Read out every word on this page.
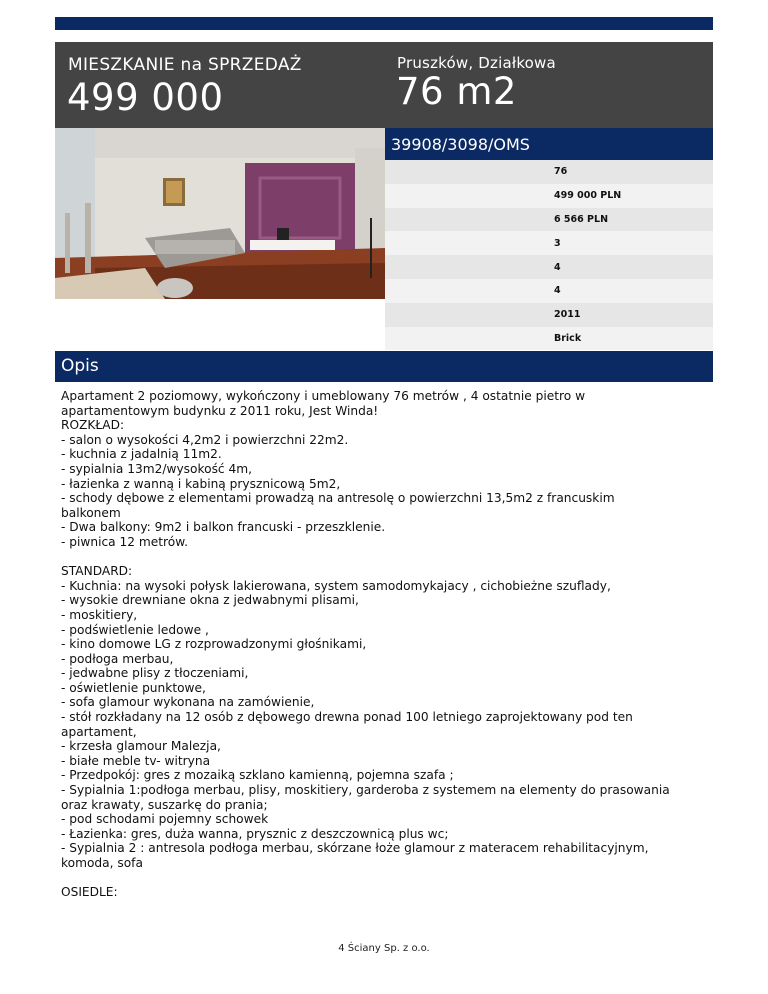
MIESZKANIE na SPRZEDAŻ
499 000
Pruszków, Działkowa
76 m2
39908/3098/OMS
76
499 000 PLN
6 566 PLN
3
4
4
2011
Brick
Opis
Apartament 2 poziomowy, wykończony i umeblowany 76 metrów , 4 ostatnie pietro w
apartamentowym budynku z 2011 roku, Jest Winda!
ROZKŁAD:
- salon o wysokości 4,2m2 i powierzchni 22m2.
- kuchnia z jadalnią 11m2.
- sypialnia 13m2/wysokość 4m,
- łazienka z wanną i kabiną prysznicową 5m2,
- schody dębowe z elementami prowadzą na antresolę o powierzchni 13,5m2 z francuskim
balkonem
- Dwa balkony: 9m2 i balkon francuski - przeszklenie.
- piwnica 12 metrów.

STANDARD:
- Kuchnia: na wysoki połysk lakierowana, system samodomykajacy , cichobieżne szuflady,
- wysokie drewniane okna z jedwabnymi plisami,
- moskitiery,
- podświetlenie ledowe ,
- kino domowe LG z rozprowadzonymi głośnikami,
- podłoga merbau,
- jedwabne plisy z tłoczeniami,
- oświetlenie punktowe,
- sofa glamour wykonana na zamówienie,
- stół rozkładany na 12 osób z dębowego drewna ponad 100 letniego zaprojektowany pod ten
apartament,
- krzesła glamour Malezja,
- białe meble tv- witryna
- Przedpokój: gres z mozaiką szklano kamienną, pojemna szafa ;
- Sypialnia 1:podłoga merbau, plisy, moskitiery, garderoba z systemem na elementy do prasowania
oraz krawaty, suszarkę do prania;
- pod schodami pojemny schowek
- Łazienka: gres, duża wanna, prysznic z deszczownicą plus wc;
- Sypialnia 2 : antresola podłoga merbau, skórzane łoże glamour z materacem rehabilitacyjnym,
komoda, sofa

OSIEDLE:
4 Ściany Sp. z o.o.
